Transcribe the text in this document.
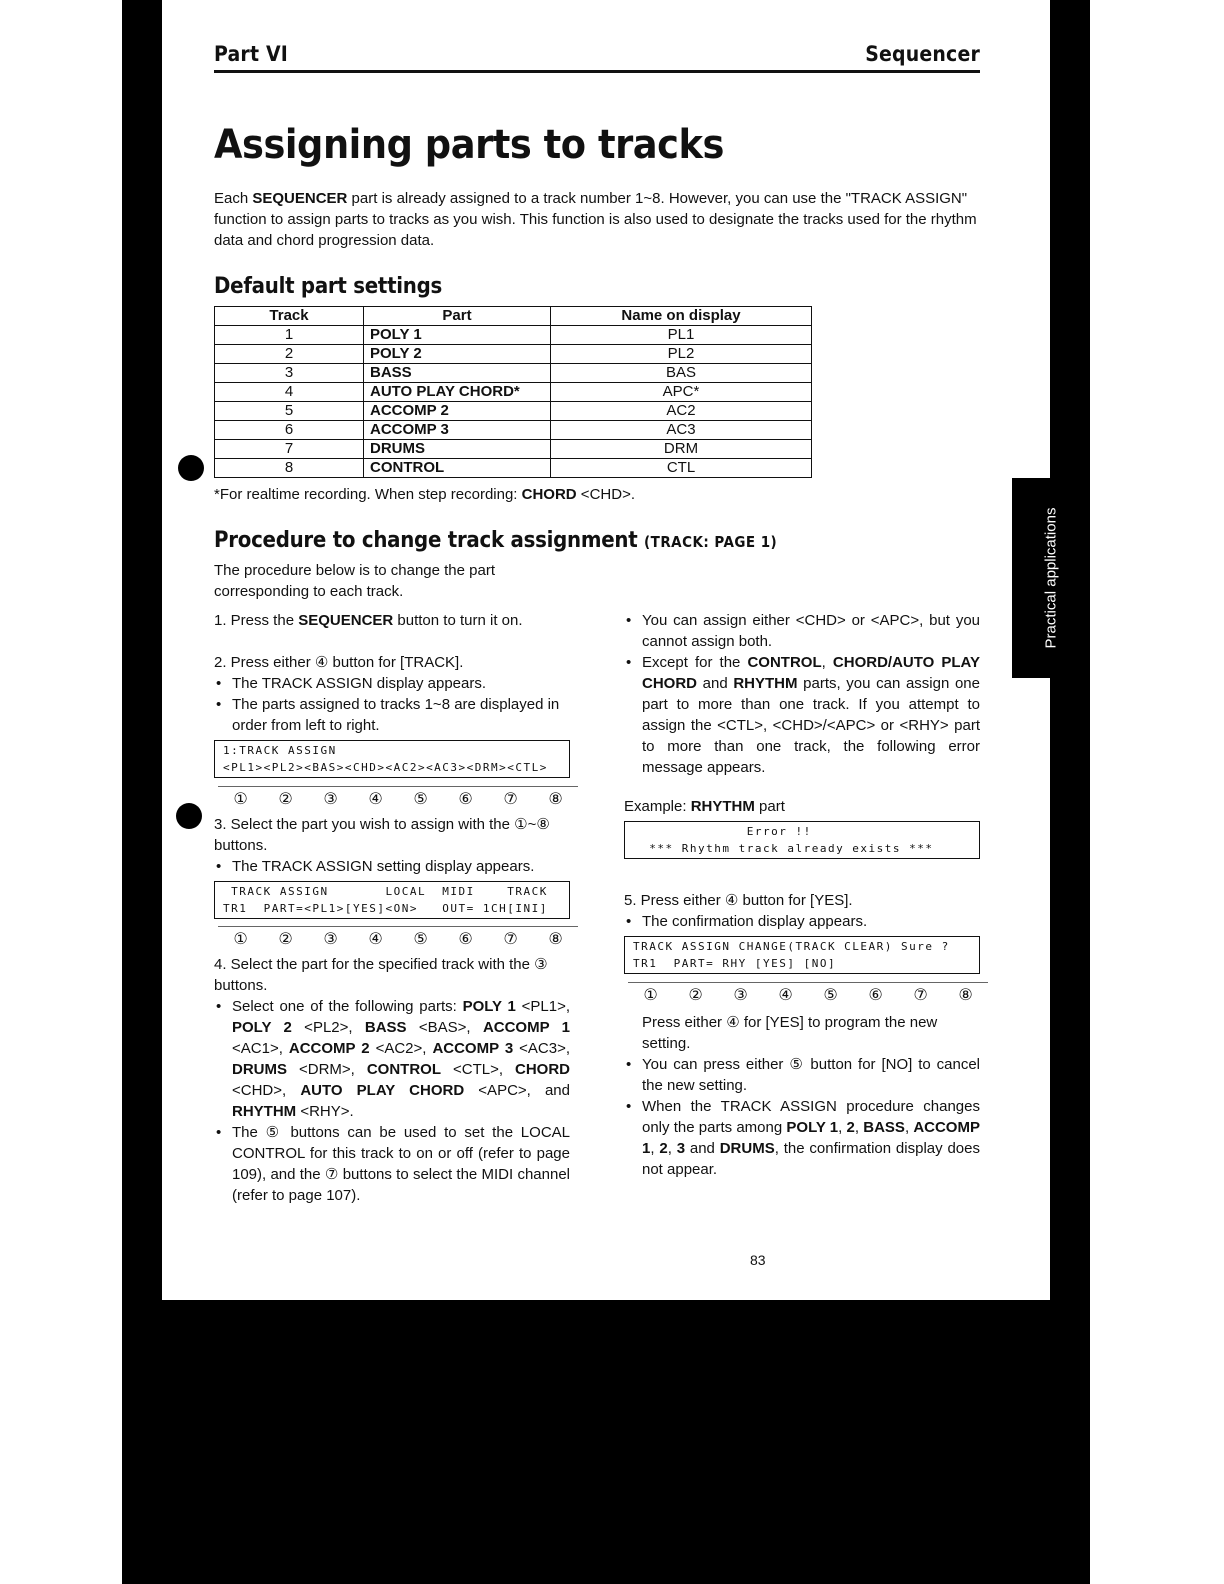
Part VI	Sequencer
Assigning parts to tracks

Each SEQUENCER part is already assigned to a track number 1~8. However, you can use the "TRACK ASSIGN" function to assign parts to tracks as you wish. This function is also used to designate the tracks used for the rhythm data and chord progression data.

Default part settings
Track	Part	Name on display
1	POLY 1	PL1
2	POLY 2	PL2
3	BASS	BAS
4	AUTO PLAY CHORD*	APC*
5	ACCOMP 2	AC2
6	ACCOMP 3	AC3
7	DRUMS	DRM
8	CONTROL	CTL
*For realtime recording. When step recording: CHORD <CHD>.
Procedure to change track assignment (TRACK: PAGE 1)

The procedure below is to change the part corresponding to each track.

1. Press the SEQUENCER button to turn it on.
2. Press either ④ button for [TRACK].
• The TRACK ASSIGN display appears.
• The parts assigned to tracks 1~8 are displayed in order from left to right.
1:TRACK ASSIGN
<PL1><PL2><BAS><CHD><AC2><AC3><DRM><CTL>
① ② ③ ④ ⑤ ⑥ ⑦ ⑧
3. Select the part you wish to assign with the ①~⑧ buttons.
• The TRACK ASSIGN setting display appears.
TRACK ASSIGN       LOCAL  MIDI    TRACK
TR1  PART=<PL1>[YES]<ON>   OUT= 1CH[INI]
① ② ③ ④ ⑤ ⑥ ⑦ ⑧
4. Select the part for the specified track with the ③ buttons.
• Select one of the following parts: POLY 1 <PL1>, POLY 2 <PL2>, BASS <BAS>, ACCOMP 1 <AC1>, ACCOMP 2 <AC2>, ACCOMP 3 <AC3>, DRUMS <DRM>, CONTROL <CTL>, CHORD <CHD>, AUTO PLAY CHORD <APC>, and RHYTHM <RHY>.
• The ⑤ buttons can be used to set the LOCAL CONTROL for this track to on or off (refer to page 109), and the ⑦ buttons to select the MIDI channel (refer to page 107).
• You can assign either <CHD> or <APC>, but you cannot assign both.
• Except for the CONTROL, CHORD/AUTO PLAY CHORD and RHYTHM parts, you can assign one part to more than one track. If you attempt to assign the <CTL>, <CHD>/<APC> or <RHY> part to more than one track, the following error message appears.
Example: RHYTHM part
Error !!
*** Rhythm track already exists ***
5. Press either ④ button for [YES].
• The confirmation display appears.
TRACK ASSIGN CHANGE(TRACK CLEAR) Sure ?
TR1  PART= RHY [YES] [NO]
① ② ③ ④ ⑤ ⑥ ⑦ ⑧
Press either ④ for [YES] to program the new setting.
• You can press either ⑤ button for [NO] to cancel the new setting.
• When the TRACK ASSIGN procedure changes only the parts among POLY 1, 2, BASS, ACCOMP 1, 2, 3 and DRUMS, the confirmation display does not appear.
83
Practical applications
